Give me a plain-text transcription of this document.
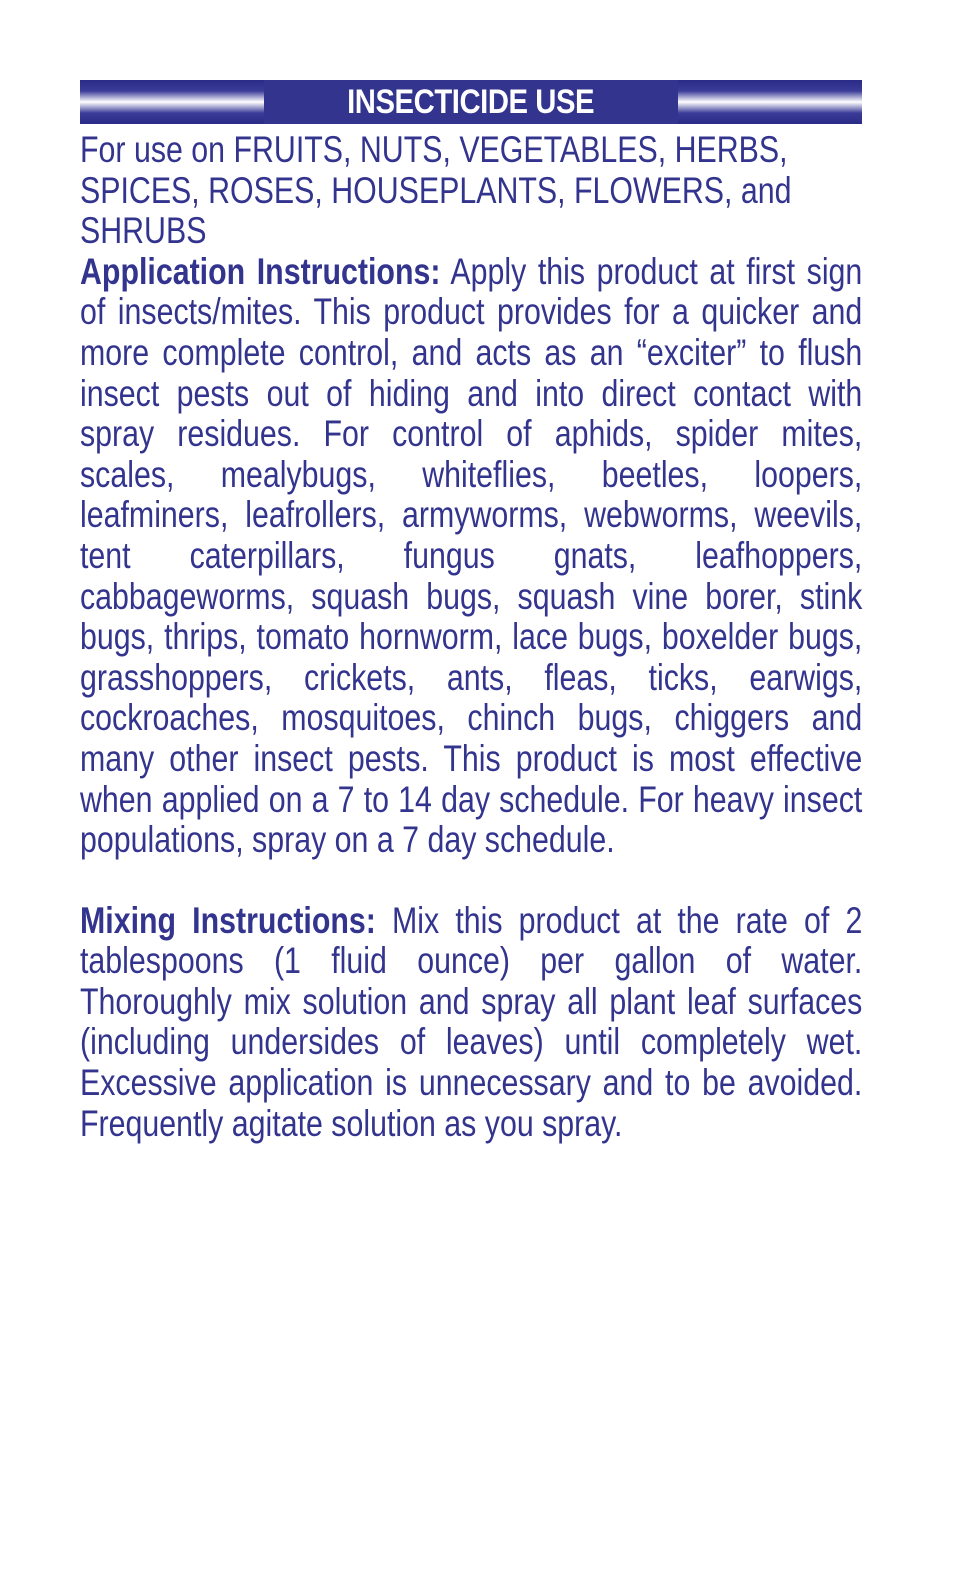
INSECTICIDE USE

For use on FRUITS, NUTS, VEGETABLES, HERBS, SPICES, ROSES, HOUSEPLANTS, FLOWERS, and SHRUBS

Application Instructions: Apply this product at first sign of insects/mites. This product provides for a quicker and more complete control, and acts as an “exciter” to flush insect pests out of hiding and into direct contact with spray residues. For control of aphids, spider mites, scales, mealybugs, whiteflies, beetles, loopers, leafminers, leafrollers, armyworms, webworms, weevils, tent caterpillars, fungus gnats, leafhoppers, cabbageworms, squash bugs, squash vine borer, stink bugs, thrips, tomato hornworm, lace bugs, boxelder bugs, grasshoppers, crickets, ants, fleas, ticks, earwigs, cockroaches, mosquitoes, chinch bugs, chiggers and many other insect pests. This product is most effective when applied on a 7 to 14 day schedule. For heavy insect populations, spray on a 7 day schedule.

Mixing Instructions: Mix this product at the rate of 2 tablespoons (1 fluid ounce) per gallon of water. Thoroughly mix solution and spray all plant leaf surfaces (including undersides of leaves) until completely wet. Excessive application is unnecessary and to be avoided. Frequently agitate solution as you spray.
